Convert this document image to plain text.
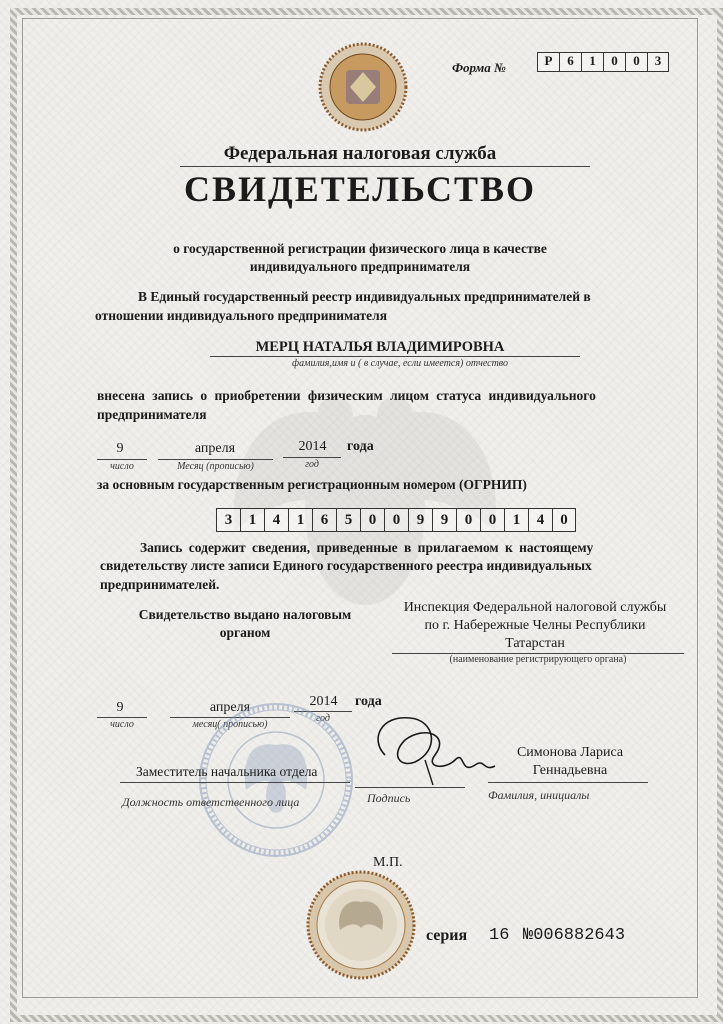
Форма №	Р	6	1	0	0	3
Федеральная налоговая служба
СВИДЕТЕЛЬСТВО
о государственной регистрации физического лица в качестве
индивидуального предпринимателя
В Единый государственный реестр индивидуальных предпринимателей в
отношении индивидуального предпринимателя
МЕРЦ НАТАЛЬЯ ВЛАДИМИРОВНА
фамилия,имя и ( в случае, если имеется) отчество
внесена запись о приобретении физическим лицом статуса индивидуального
предпринимателя
9
число
апреля
Месяц (прописью)
2014
год
года
за основным государственным регистрационным номером (ОГРНИП)
3	1	4	1	6	5	0	0	9	9	0	0	1	4	0
Запись содержит сведения, приведенные в прилагаемом к настоящему
свидетельству листе записи Единого государственного реестра индивидуальных
предпринимателей.
Свидетельство выдано налоговым
органом
Инспекция Федеральной налоговой службы
по г. Набережные Челны Республики
Татарстан
(наименование регистрирующего органа)
9
число
апреля
месяц( прописью)
2014
год
года
Заместитель начальника отдела
Должность ответственного лица	Подпись
Симонова Лариса
Геннадьевна
Фамилия, инициалы
М.П.
серия 16 №006882643
